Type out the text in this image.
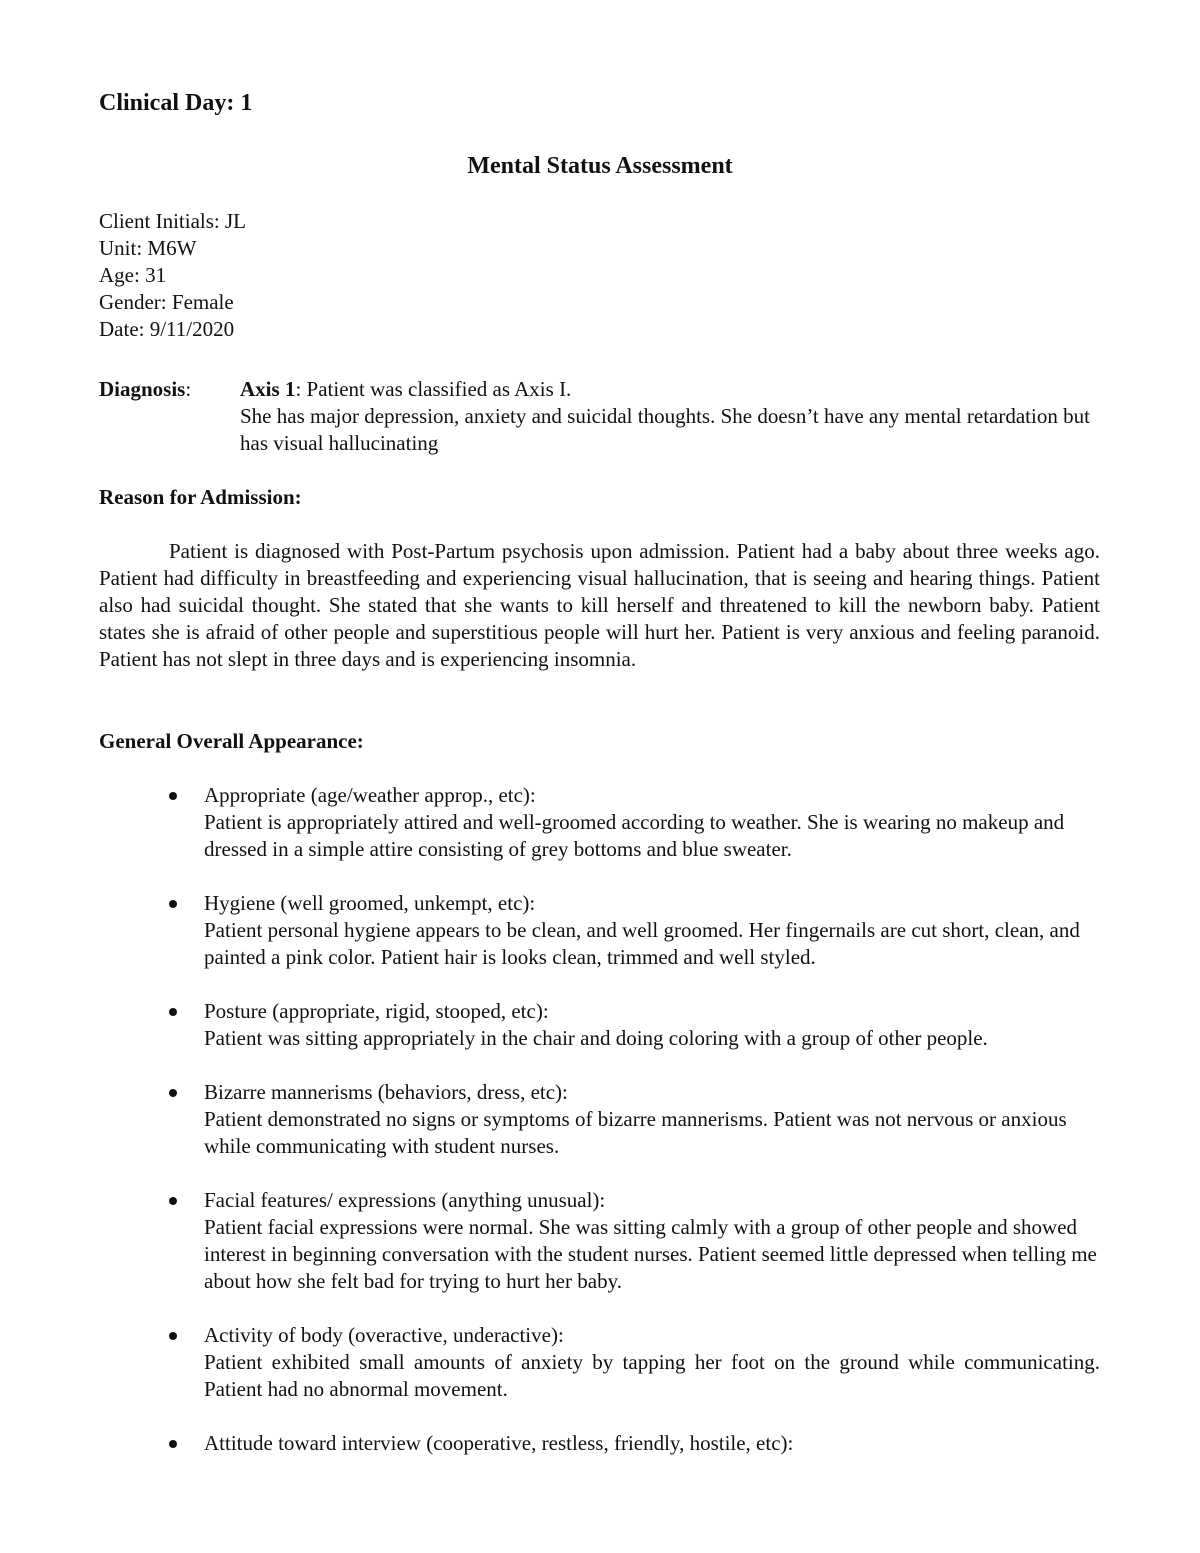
Clinical Day: 1
Mental Status Assessment
Client Initials: JL
Unit: M6W
Age: 31
Gender: Female
Date: 9/11/2020
Diagnosis: Axis 1: Patient was classified as Axis I.
She has major depression, anxiety and suicidal thoughts. She doesn’t have any mental retardation but has visual hallucinating
Reason for Admission:
Patient is diagnosed with Post-Partum psychosis upon admission. Patient had a baby about three weeks ago. Patient had difficulty in breastfeeding and experiencing visual hallucination, that is seeing and hearing things. Patient also had suicidal thought. She stated that she wants to kill herself and threatened to kill the newborn baby. Patient states she is afraid of other people and superstitious people will hurt her. Patient is very anxious and feeling paranoid. Patient has not slept in three days and is experiencing insomnia.
General Overall Appearance:
Appropriate (age/weather approp., etc):
Patient is appropriately attired and well-groomed according to weather. She is wearing no makeup and dressed in a simple attire consisting of grey bottoms and blue sweater.
Hygiene (well groomed, unkempt, etc):
Patient personal hygiene appears to be clean, and well groomed. Her fingernails are cut short, clean, and painted a pink color. Patient hair is looks clean, trimmed and well styled.
Posture (appropriate, rigid, stooped, etc):
Patient was sitting appropriately in the chair and doing coloring with a group of other people.
Bizarre mannerisms (behaviors, dress, etc):
Patient demonstrated no signs or symptoms of bizarre mannerisms. Patient was not nervous or anxious while communicating with student nurses.
Facial features/ expressions (anything unusual):
Patient facial expressions were normal. She was sitting calmly with a group of other people and showed interest in beginning conversation with the student nurses. Patient seemed little depressed when telling me about how she felt bad for trying to hurt her baby.
Activity of body (overactive, underactive):
Patient exhibited small amounts of anxiety by tapping her foot on the ground while communicating. Patient had no abnormal movement.
Attitude toward interview (cooperative, restless, friendly, hostile, etc):
